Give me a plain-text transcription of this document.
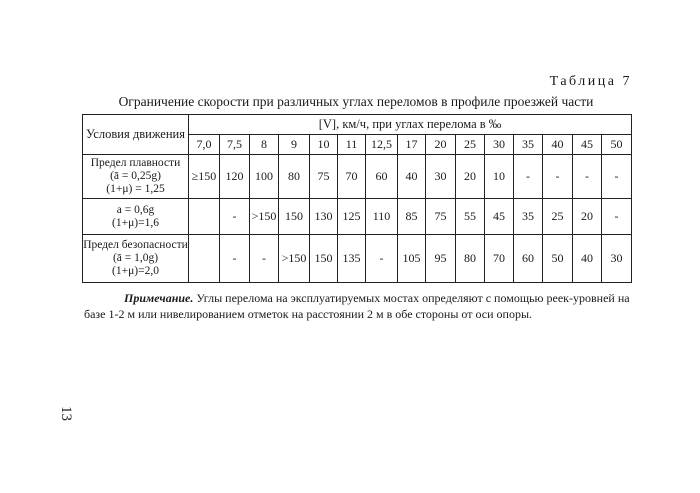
Таблица 7
Ограничение скорости при различных углах переломов в профиле проезжей части
Условия движения	[V], км/ч, при углах перелома в ‰														
	7,0	7,5	8	9	10	11	12,5	17	20	25	30	35	40	45	50

Предел плавности
(ā = 0,25g)
(1+μ) = 1,25	≥150	120	100	80	75	70	60	40	30	20	10	-	-	-	-

a = 0,6g
(1+μ)=1,6		-	>150	150	130	125	110	85	75	55	45	35	25	20	-

Предел безопасности
(ā = 1,0g)
(1+μ)=2,0		-	-	>150	150	135	-	105	95	80	70	60	50	40	30
Примечание. Углы перелома на эксплуатируемых мостах определяют с помощью реек-уровней на базе 1-2 м или нивелированием отметок на расстоянии 2 м в обе стороны от оси опоры.
13
